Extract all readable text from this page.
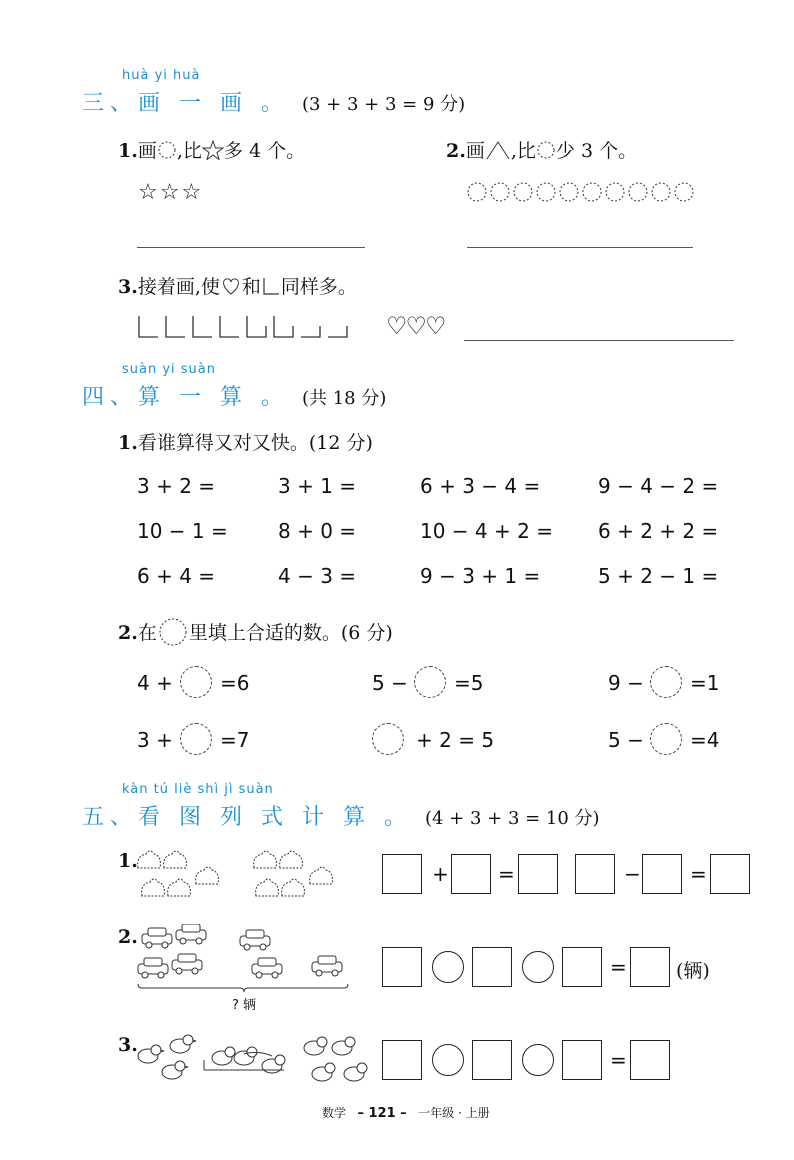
huà yi huà
三、画 一 画 。 (3 + 3 + 3 = 9 分)
1.画 ,比 多 4 个。
☆☆☆
2.画 ,比 少 3 个。
3.接着画,使 和 同样多。
♡♡♡
suàn yi suàn
四、算 一 算 。 (共 18 分)
1.看谁算得又对又快。(12 分)
3 + 2 =	3 + 1 =	6 + 3 − 4 =	9 − 4 − 2 =
10 − 1 =	8 + 0 =	10 − 4 + 2 = 6 + 2 + 2 =
6 + 4 =	4 − 3 =	9 − 3 + 1 =	5 + 2 − 1 =
2.在 里填上合适的数。(6 分)
4 + =6	5 − =5	9 − =1
3 + =7	+ 2 = 5	5 − =4
kàn tú liè shì jì suàn
五、看 图 列 式 计 算 。 (4 + 3 + 3 = 10 分)
1.
+ =	− =
2.
? 辆
=	(辆)
3.
=
数学 – 121 – 一年级 · 上册
